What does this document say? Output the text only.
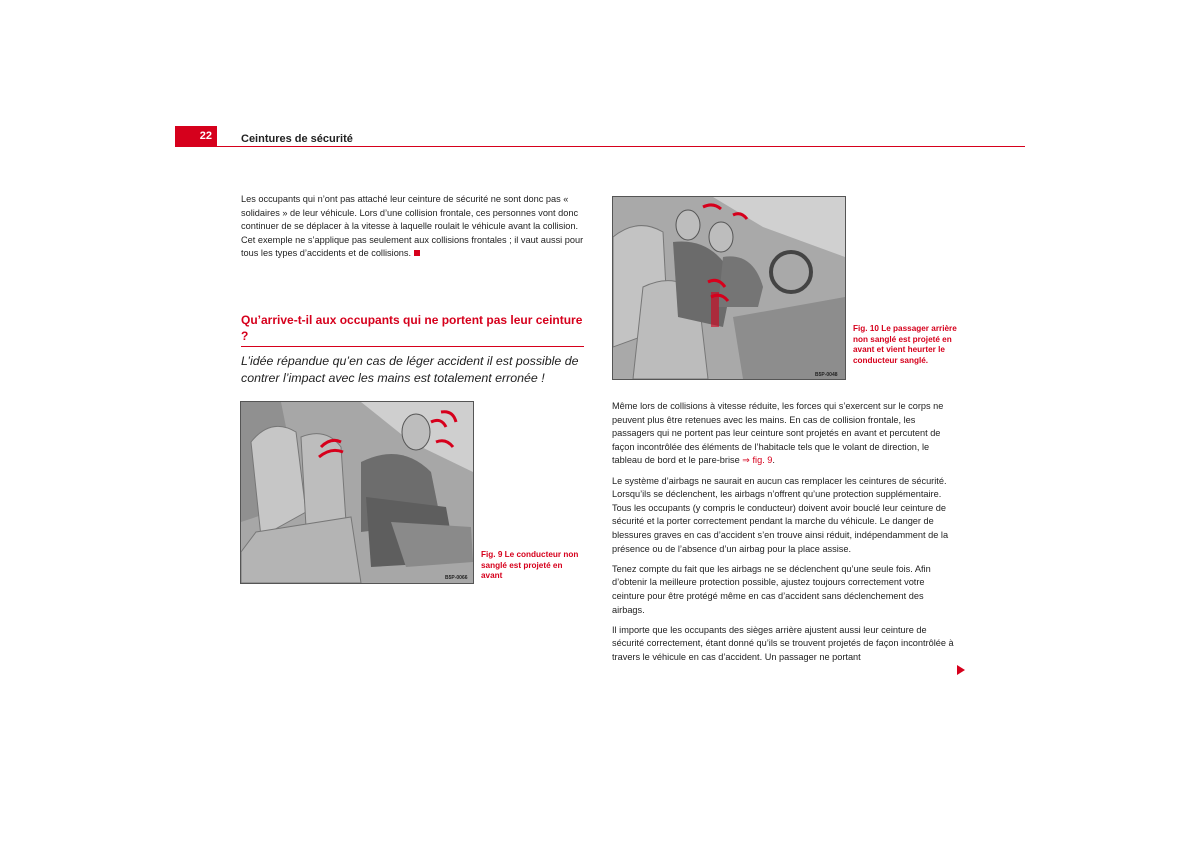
22	Ceintures de sécurité

Les occupants qui n’ont pas attaché leur ceinture de sécurité ne sont donc pas « solidaires » de leur véhicule. Lors d’une collision frontale, ces personnes vont donc continuer de se déplacer à la vitesse à laquelle roulait le véhicule avant la collision. Cet exemple ne s’applique pas seulement aux collisions frontales ; il vaut aussi pour tous les types d’accidents et de collisions.

Qu’arrive-t-il aux occupants qui ne portent pas leur ceinture ?

L’idée répandue qu’en cas de léger accident il est possible de contrer l’impact avec les mains est totalement erronée !

B5P-0066

Fig. 9 Le conducteur non sanglé est projeté en avant

B5P-0048

Fig. 10 Le passager arrière non sanglé est projeté en avant et vient heurter le conducteur sanglé.

Même lors de collisions à vitesse réduite, les forces qui s’exercent sur le corps ne peuvent plus être retenues avec les mains. En cas de collision frontale, les passagers qui ne portent pas leur ceinture sont projetés en avant et percutent de façon incontrôlée des éléments de l’habitacle tels que le volant de direction, le tableau de bord et le pare-brise ⇒ fig. 9.

Le système d’airbags ne saurait en aucun cas remplacer les ceintures de sécurité. Lorsqu’ils se déclenchent, les airbags n’offrent qu’une protection supplémentaire. Tous les occupants (y compris le conducteur) doivent avoir bouclé leur ceinture de sécurité et la porter correctement pendant la marche du véhicule. Le danger de blessures graves en cas d’accident s’en trouve ainsi réduit, indépendamment de la présence ou de l’absence d’un airbag pour la place assise.

Tenez compte du fait que les airbags ne se déclenchent qu’une seule fois. Afin d’obtenir la meilleure protection possible, ajustez toujours correctement votre ceinture pour être protégé même en cas d’accident sans déclenchement des airbags.

Il importe que les occupants des sièges arrière ajustent aussi leur ceinture de sécurité correctement, étant donné qu’ils se trouvent projetés de façon incontrôlée à travers le véhicule en cas d’accident. Un passager ne portant
